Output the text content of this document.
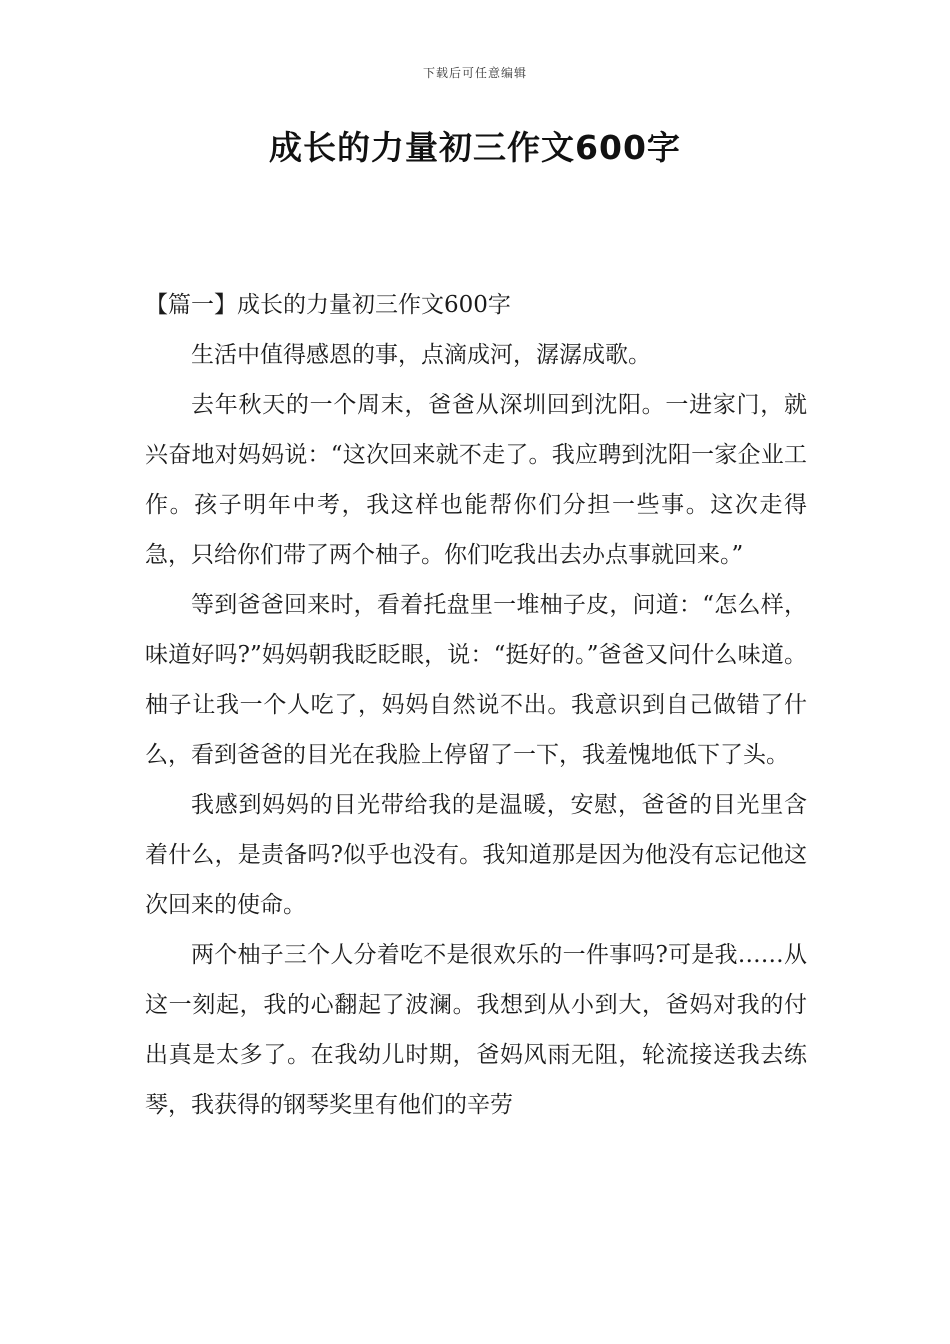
下载后可任意编辑
成长的力量初三作文600字

【篇一】成长的力量初三作文600字

生活中值得感恩的事，点滴成河，潺潺成歌。

去年秋天的一个周末，爸爸从深圳回到沈阳。一进家门，就兴奋地对妈妈说：“这次回来就不走了。我应聘到沈阳一家企业工作。孩子明年中考，我这样也能帮你们分担一些事。这次走得急，只给你们带了两个柚子。你们吃我出去办点事就回来。”

等到爸爸回来时，看着托盘里一堆柚子皮，问道：“怎么样，味道好吗?”妈妈朝我眨眨眼，说：“挺好的。”爸爸又问什么味道。柚子让我一个人吃了，妈妈自然说不出。我意识到自己做错了什么，看到爸爸的目光在我脸上停留了一下，我羞愧地低下了头。

我感到妈妈的目光带给我的是温暖，安慰，爸爸的目光里含着什么，是责备吗?似乎也没有。我知道那是因为他没有忘记他这次回来的使命。

两个柚子三个人分着吃不是很欢乐的一件事吗?可是我……从这一刻起，我的心翻起了波澜。我想到从小到大，爸妈对我的付出真是太多了。在我幼儿时期，爸妈风雨无阻，轮流接送我去练琴，我获得的钢琴奖里有他们的辛劳
